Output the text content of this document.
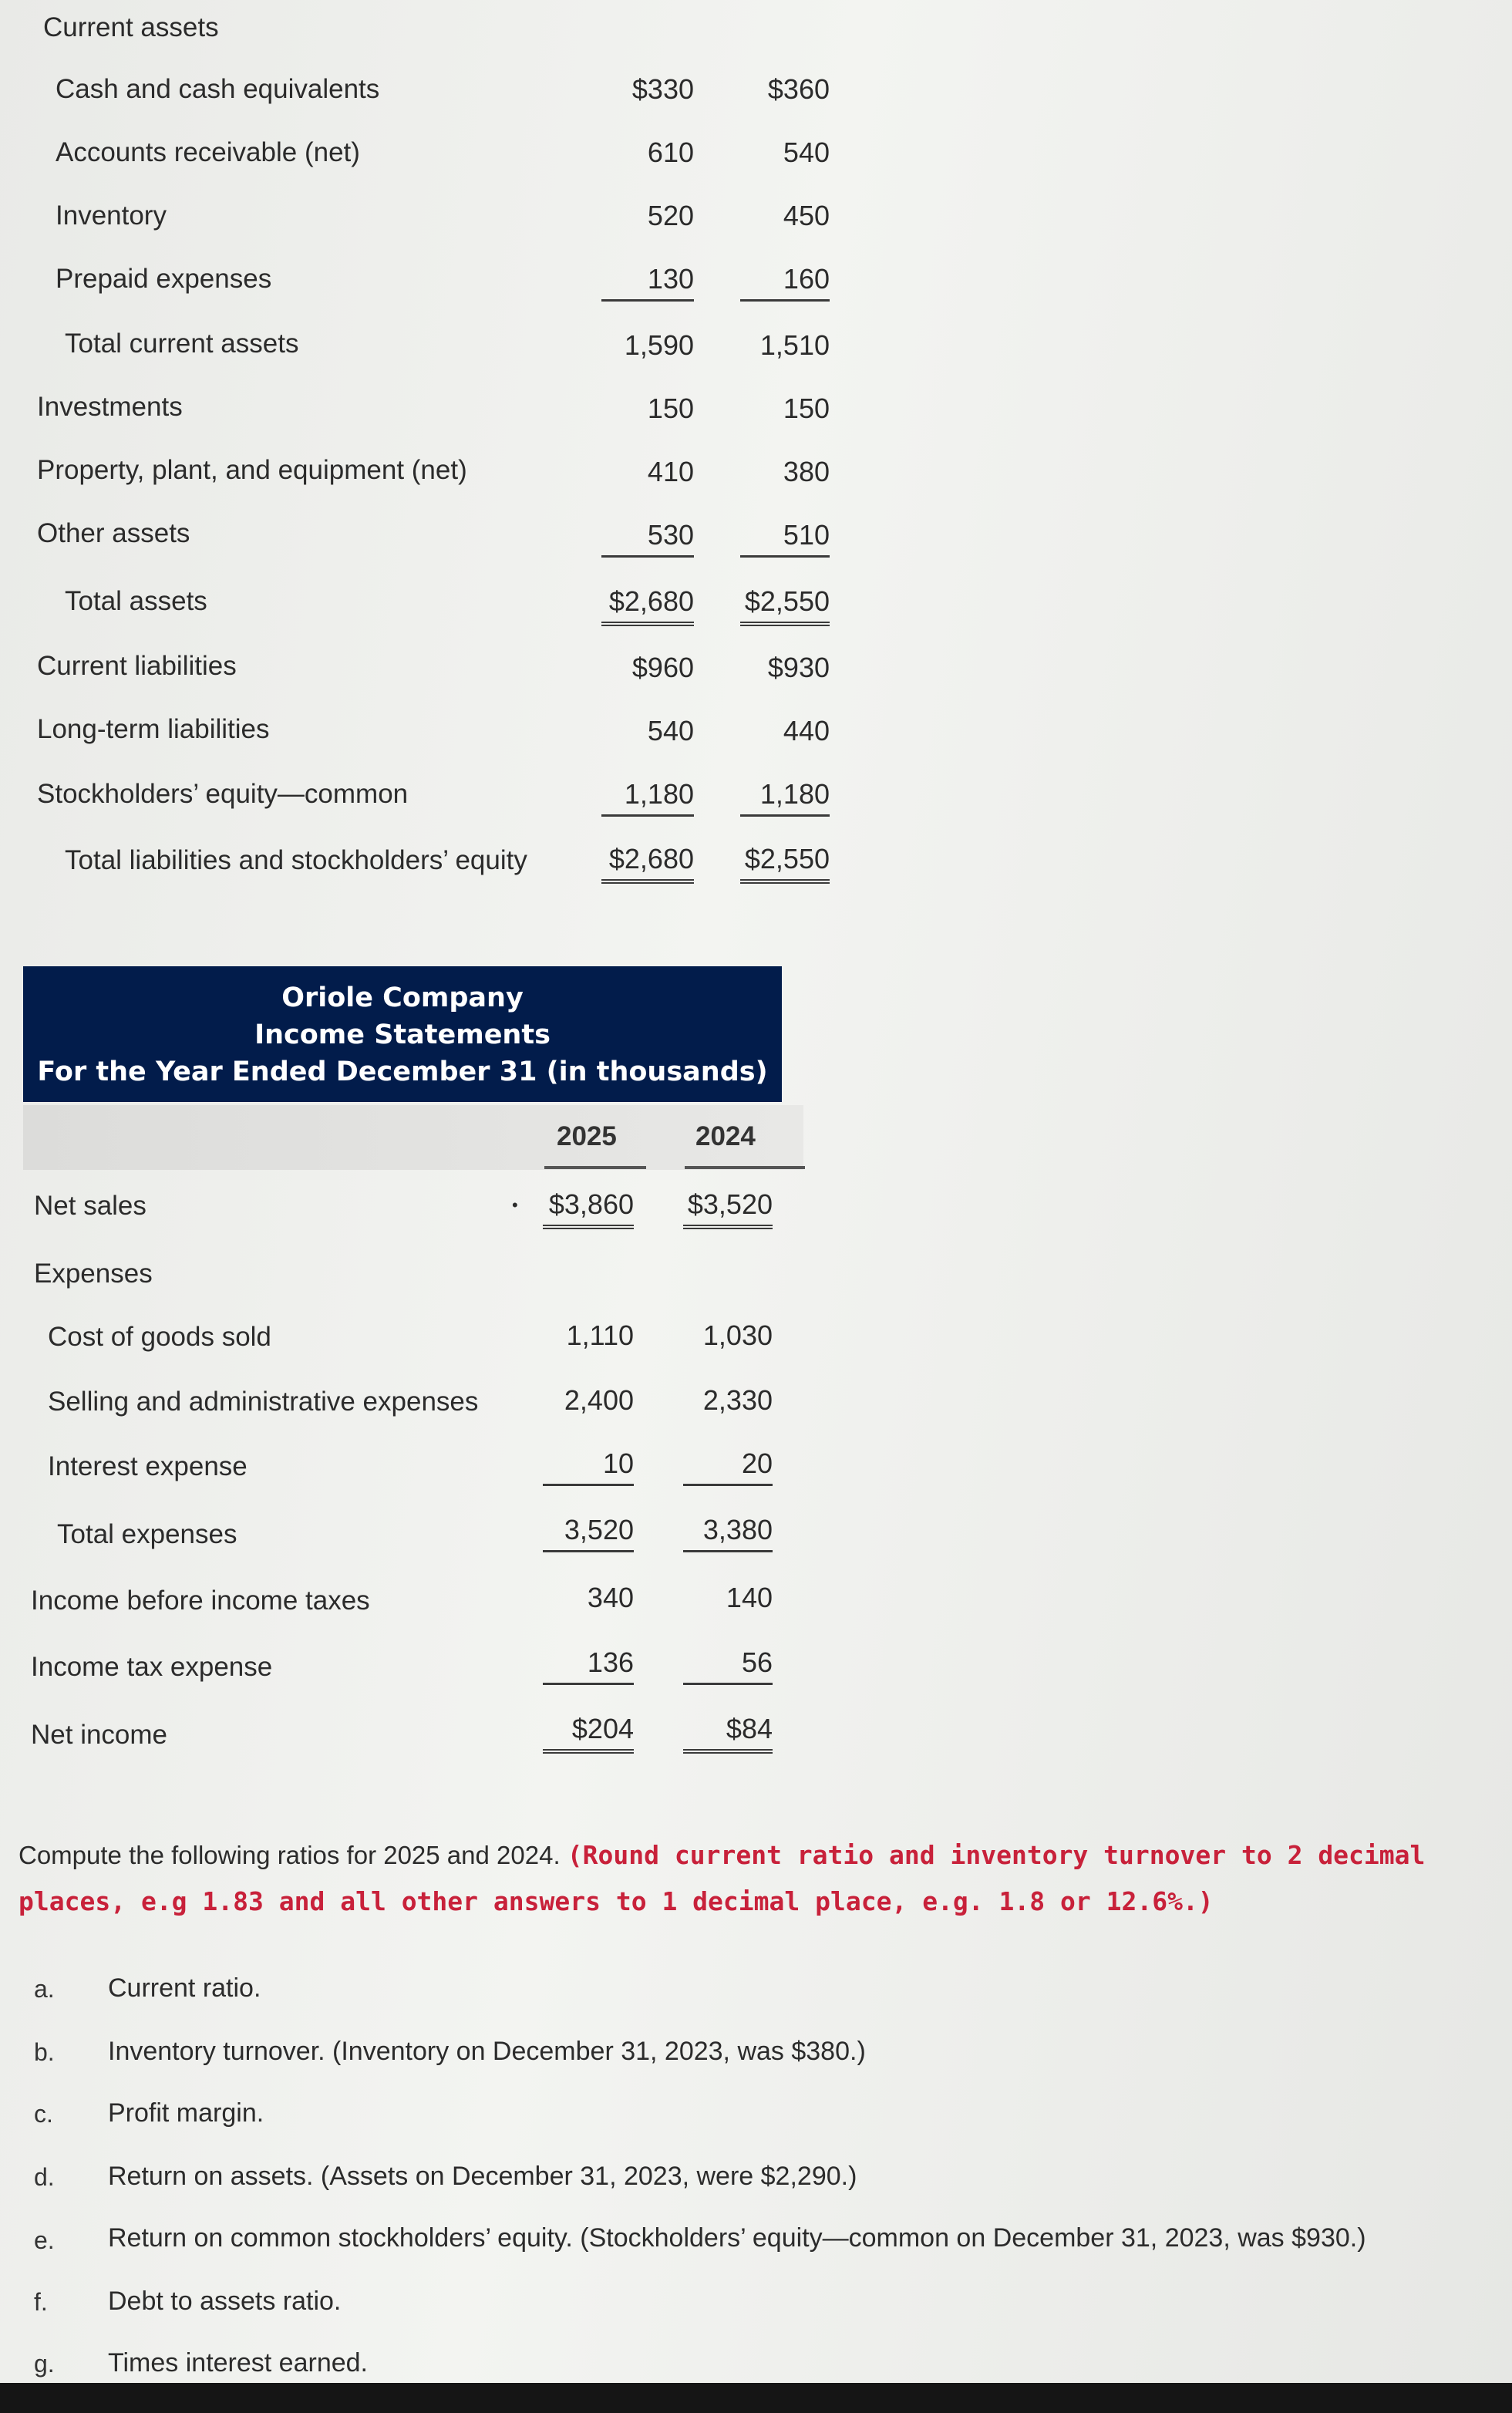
Current assets
Cash and cash equivalents	$330	$360
Accounts receivable (net)	610	540
Inventory	520	450
Prepaid expenses	130	160
Total current assets	1,590	1,510
Investments	150	150
Property, plant, and equipment (net)	410	380
Other assets	530	510
Total assets	$2,680 $2,550
Current liabilities	$960	$930
Long-term liabilities	540	440
Stockholders’ equity—common	1,180	1,180
Total liabilities and stockholders’ equity	$2,680 $2,550
Oriole Company
Income Statements
For the Year Ended December 31 (in thousands)
2025	2024
Net sales	• $3,860 $3,520
Expenses
Cost of goods sold	1,110	1,030
Selling and administrative expenses	2,400	2,330
Interest expense	10	20
Total expenses	3,520	3,380
Income before income taxes	340	140
Income tax expense	136	56
Net income	$204	$84
Compute the following ratios for 2025 and 2024. (Round current ratio and inventory turnover to 2 decimal places, e.g 1.83 and all other answers to 1 decimal place, e.g. 1.8 or 12.6%.)
a. Current ratio.
b. Inventory turnover. (Inventory on December 31, 2023, was $380.)
c. Profit margin.
d. Return on assets. (Assets on December 31, 2023, were $2,290.)
e. Return on common stockholders’ equity. (Stockholders’ equity—common on December 31, 2023, was $930.)
f. Debt to assets ratio.
g. Times interest earned.
